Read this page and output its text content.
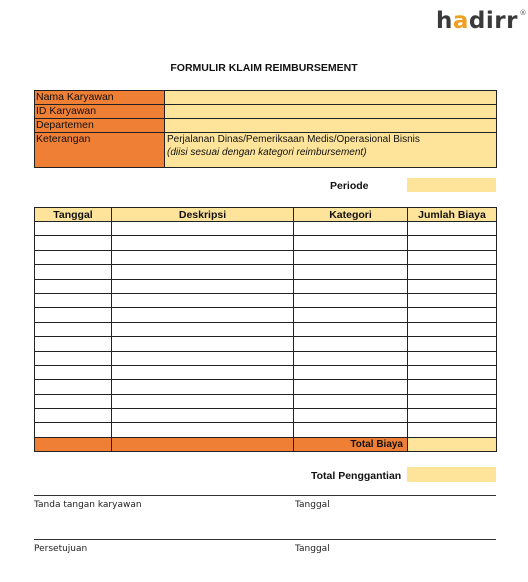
hadirr ®
FORMULIR KLAIM REIMBURSEMENT
Nama Karyawan
ID Karyawan
Departemen
Keterangan	Perjalanan Dinas/Pemeriksaan Medis/Operasional Bisnis
(diisi sesuai dengan kategori reimbursement)
Periode
Tanggal	Deskripsi	Kategori	Jumlah Biaya

		Total Biaya	
Total Penggantian
Tanda tangan karyawan	Tanggal
Persetujuan	Tanggal
